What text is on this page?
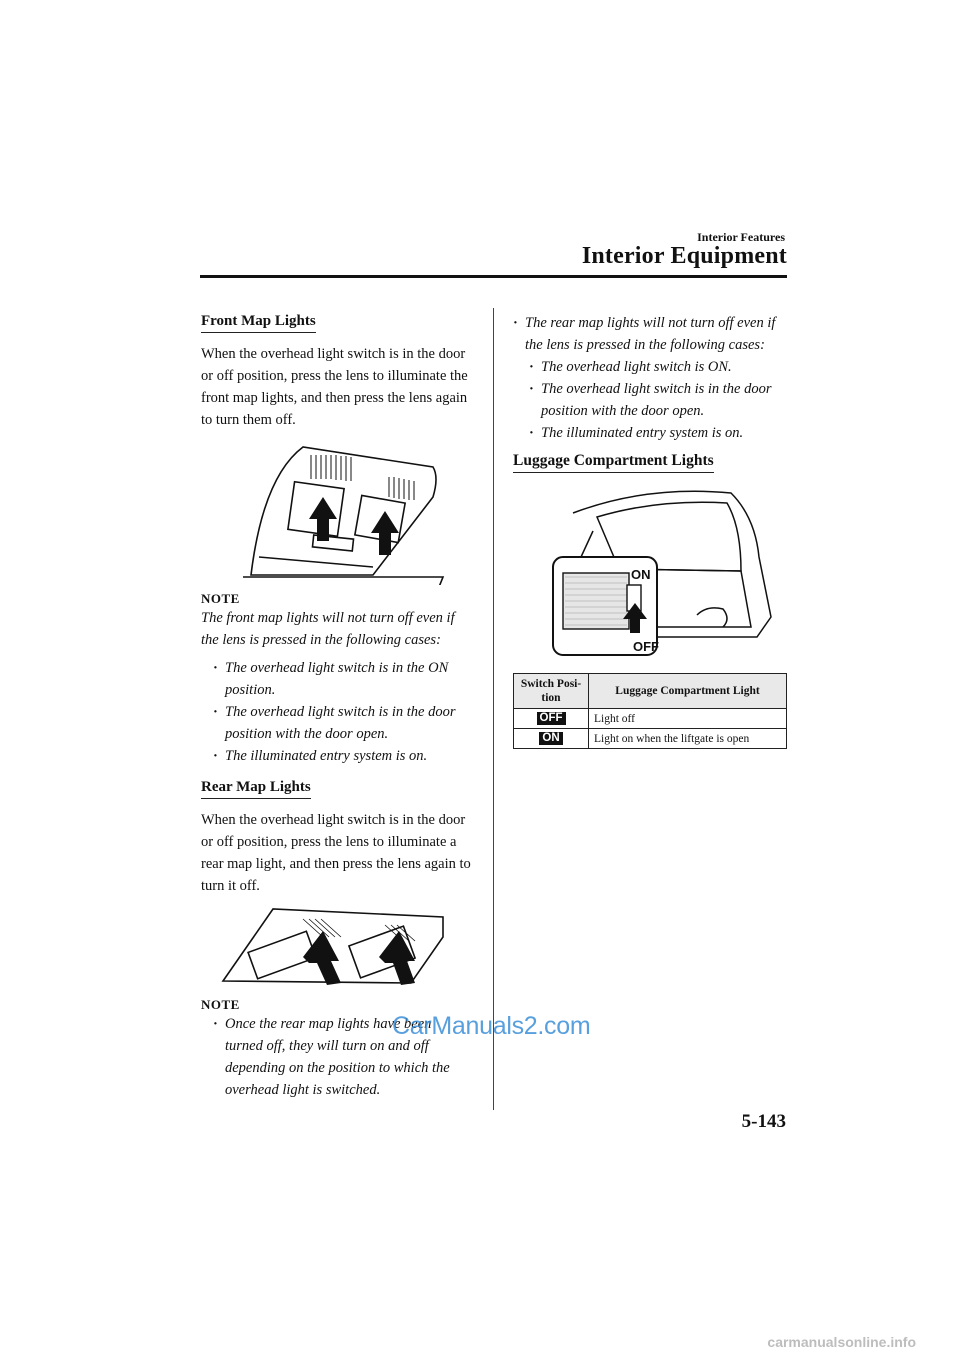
Interior Features
Interior Equipment
Front Map Lights

When the overhead light switch is in the door or off position, press the lens to illuminate the front map lights, and then press the lens again to turn them off.

NOTE

The front map lights will not turn off even if the lens is pressed in the following cases:

· The overhead light switch is in the ON position.
· The overhead light switch is in the door position with the door open.
· The illuminated entry system is on.
Rear Map Lights

When the overhead light switch is in the door or off position, press the lens to illuminate a rear map light, and then press the lens again to turn it off.

NOTE
· Once the rear map lights have been turned off, they will turn on and off depending on the position to which the overhead light is switched.
· The rear map lights will not turn off even if the lens is pressed in the following cases:
· The overhead light switch is ON.
· The overhead light switch is in the door position with the door open.
· The illuminated entry system is on.
Luggage Compartment Lights
ON
OFF
Switch Posi-tion	Luggage Compartment Light
OFF	Light off
ON	Light on when the liftgate is open
CarManuals2.com
5-143
carmanualsonline.info
